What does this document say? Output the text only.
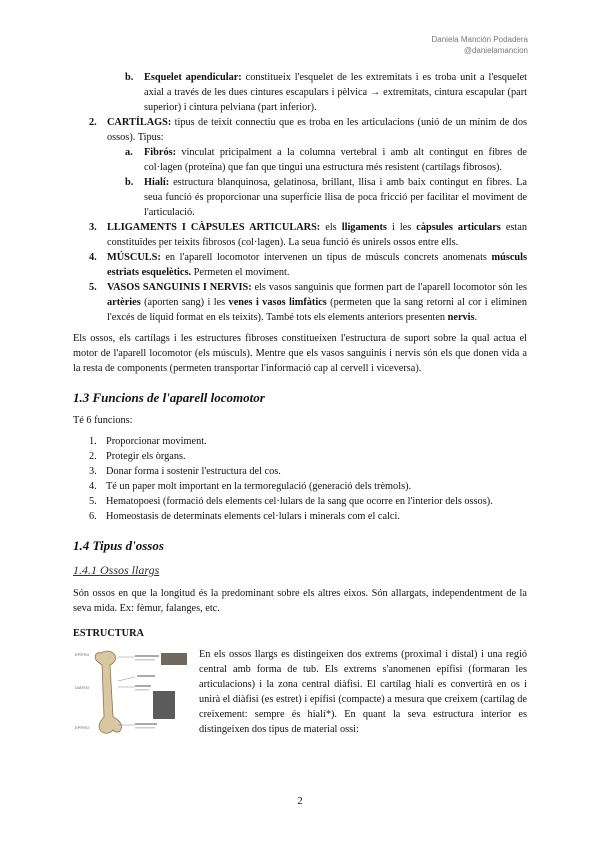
Daniela Manción Podadera
@danielamancion
b. Esquelet apendicular: constitueix l'esquelet de les extremitats i es troba unit a l'esquelet axial a través de les dues cintures escapulars i pèlvica → extremitats, cintura escapular (part superior) i cintura pelviana (part inferior).
2. CARTÍLAGS: tipus de teixit connectiu que es troba en les articulacions (unió de un mínim de dos ossos). Tipus:
a. Fibrós: vinculat pricipalment a la columna vertebral i amb alt contingut en fibres de col·lagen (proteïna) que fan que tingui una estructura més resistent (cartílags fibrosos).
b. Hialí: estructura blanquinosa, gelatinosa, brillant, llisa i amb baix contingut en fibres. La seua funció és proporcionar una superfície llisa de poca fricció per facilitar el moviment de l'articulació.
3. LLIGAMENTS I CÀPSULES ARTICULARS: els lligaments i les càpsules articulars estan constituïdes per teixits fibrosos (col·lagen). La seua funció és unirels ossos entre ells.
4. MÚSCULS: en l'aparell locomotor intervenen un tipus de músculs concrets anomenats músculs estriats esquelètics. Permeten el moviment.
5. VASOS SANGUINIS I NERVIS: els vasos sanguinis que formen part de l'aparell locomotor són les artèries (aporten sang) i les venes i vasos limfàtics (permeten que la sang retorni al cor i eliminen l'excés de líquid format en els teixits). També tots els elements anteriors presenten nervis.
Els ossos, els cartílags i les estructures fibroses constitueixen l'estructura de suport sobre la qual actua el motor de l'aparell locomotor (els músculs). Mentre que els vasos sanguinis i nervis són els que donen vida a la resta de components (permeten transportar l'informació cap al cervell i viceversa).
1.3 Funcions de l'aparell locomotor
Té 6 funcions:
1. Proporcionar moviment.
2. Protegir els òrgans.
3. Donar forma i sostenir l'estructura del cos.
4. Té un paper molt important en la termoregulació (generació dels trèmols).
5. Hematopoesi (formació dels elements cel·lulars de la sang que ocorre en l'interior dels ossos).
6. Homeostasis de determinats elements cel·lulars i minerals com el calci.
1.4 Tipus d'ossos
1.4.1 Ossos llargs
Són ossos en que la longitud és la predominant sobre els altres eixos. Són allargats, independentment de la seva mida. Ex: fèmur, falanges, etc.
ESTRUCTURA
EPÍFISI
DIÀFISI
EPÍFISI
En els ossos llargs es distingeixen dos extrems (proximal i distal) i una regió central amb forma de tub. Els extrems s'anomenen epífisi (formaran les articulacions) i la zona central diàfisi. El cartílag hialí es convertirà en os i unirà el diàfisi (es estret) i epífisi (compacte) a mesura que creixem (cartílag de creixement: sempre és hialí*). En quant la seva estructura interior es distingeixen dos tipus de material ossi:
2
